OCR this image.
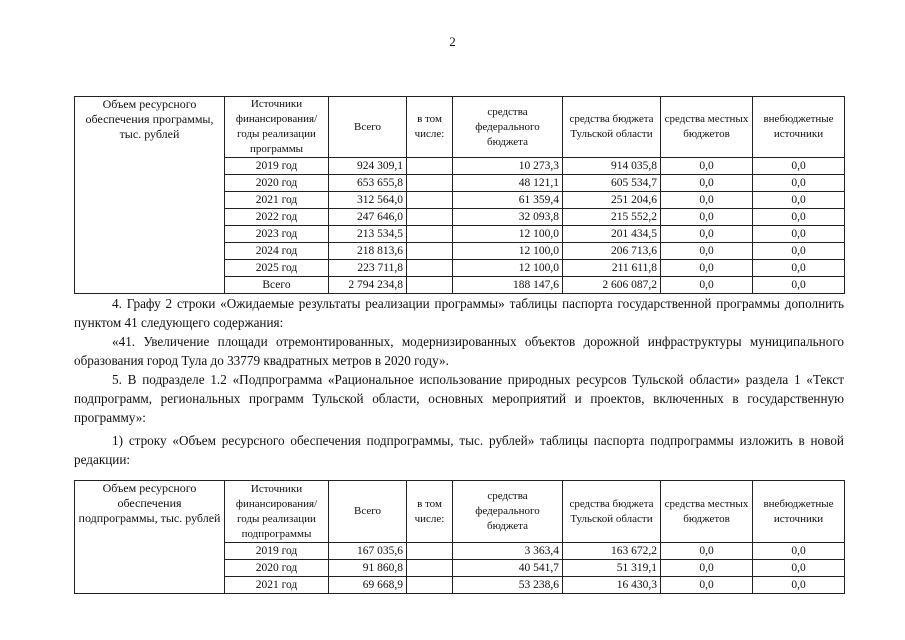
2
Объем ресурсного обеспечения программы, тыс. рублей	Источники финансирования/ годы реализации программы	Всего	в том числе:	средства федерального бюджета	средства бюджета Тульской области	средства местных бюджетов	внебюджетные источники
	2019 год	924 309,1		10 273,3	914 035,8	0,0	0,0
	2020 год	653 655,8		48 121,1	605 534,7	0,0	0,0
	2021 год	312 564,0		61 359,4	251 204,6	0,0	0,0
	2022 год	247 646,0		32 093,8	215 552,2	0,0	0,0
	2023 год	213 534,5		12 100,0	201 434,5	0,0	0,0
	2024 год	218 813,6		12 100,0	206 713,6	0,0	0,0
	2025 год	223 711,8		12 100,0	211 611,8	0,0	0,0
	Всего	2 794 234,8		188 147,6	2 606 087,2	0,0	0,0

4. Графу 2 строки «Ожидаемые результаты реализации программы» таблицы паспорта государственной программы дополнить пунктом 41 следующего содержания:

«41. Увеличение площади отремонтированных, модернизированных объектов дорожной инфраструктуры муниципального образования город Тула до 33779 квадратных метров в 2020 году».

5. В подразделе 1.2 «Подпрограмма «Рациональное использование природных ресурсов Тульской области» раздела 1 «Текст подпрограмм, региональных программ Тульской области, основных мероприятий и проектов, включенных в государственную программу»:

1) строку «Объем ресурсного обеспечения подпрограммы, тыс. рублей» таблицы паспорта подпрограммы изложить в новой редакции:

Объем ресурсного обеспечения подпрограммы, тыс. рублей	Источники финансирования/ годы реализации подпрограммы	Всего	в том числе:	средства федерального бюджета	средства бюджета Тульской области	средства местных бюджетов	внебюджетные источники
	2019 год	167 035,6		3 363,4	163 672,2	0,0	0,0
	2020 год	91 860,8		40 541,7	51 319,1	0,0	0,0
	2021 год	69 668,9		53 238,6	16 430,3	0,0	0,0
